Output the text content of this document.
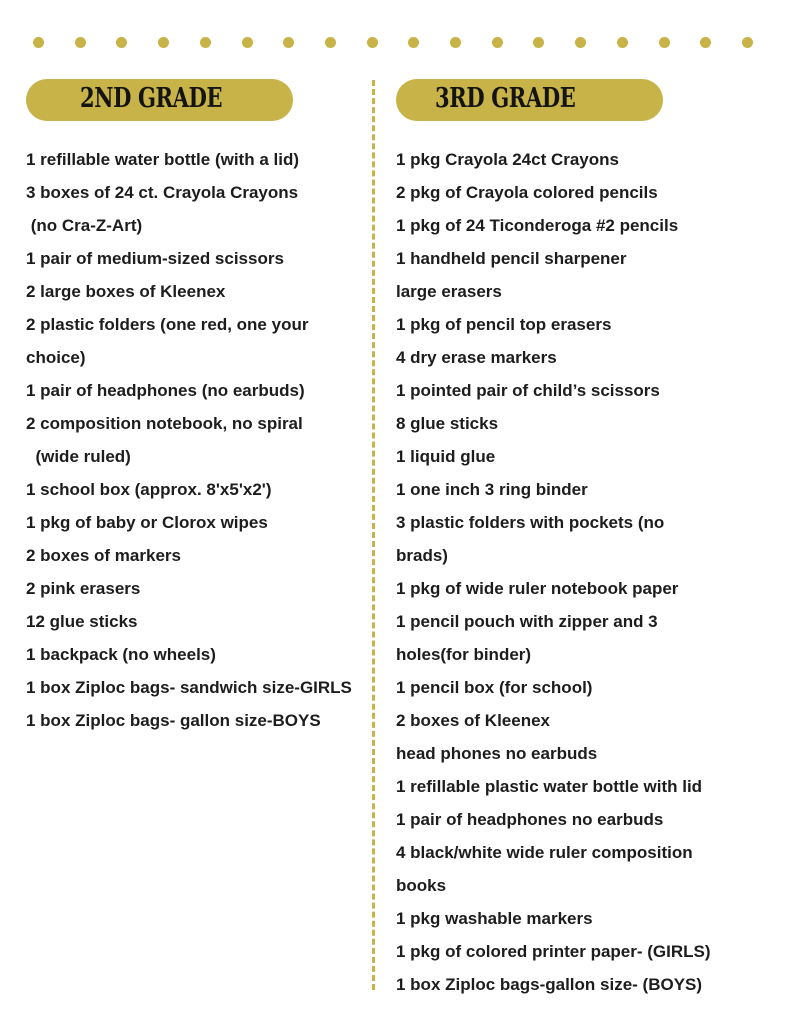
2ND GRADE	3RD GRADE
1 refillable water bottle (with a lid)
3 boxes of 24 ct. Crayola Crayons
(no Cra-Z-Art)
1 pair of medium-sized scissors
2 large boxes of Kleenex
2 plastic folders (one red, one your
choice)
1 pair of headphones (no earbuds)
2 composition notebook, no spiral
(wide ruled)
1 school box (approx. 8'x5'x2')
1 pkg of baby or Clorox wipes
2 boxes of markers
2 pink erasers
12 glue sticks
1 backpack (no wheels)
1 box Ziploc bags- sandwich size-GIRLS
1 box Ziploc bags- gallon size-BOYS
1 pkg Crayola 24ct Crayons
2 pkg of Crayola colored pencils
1 pkg of 24 Ticonderoga #2 pencils
1 handheld pencil sharpener
large erasers
1 pkg of pencil top erasers
4 dry erase markers
1 pointed pair of child’s scissors
8 glue sticks
1 liquid glue
1 one inch 3 ring binder
3 plastic folders with pockets (no
brads)
1 pkg of wide ruler notebook paper
1 pencil pouch with zipper and 3
holes(for binder)
1 pencil box (for school)
2 boxes of Kleenex
head phones no earbuds
1 refillable plastic water bottle with lid
1 pair of headphones no earbuds
4 black/white wide ruler composition
books
1 pkg washable markers
1 pkg of colored printer paper- (GIRLS)
1 box Ziploc bags-gallon size- (BOYS)
